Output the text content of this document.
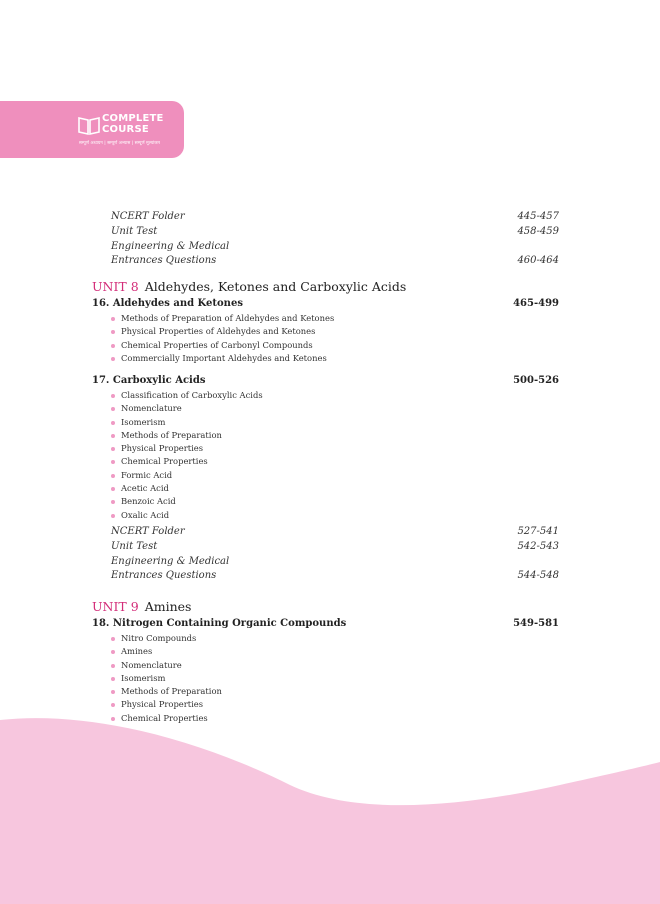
COMPLETE
COURSE
सम्पूर्ण अध्ययन | सम्पूर्ण अभ्यास | सम्पूर्ण मूल्यांकन
NCERT Folder	445-457
Unit Test	458-459
Engineering & Medical
Entrances Questions	460-464
UNIT 8 Aldehydes, Ketones and Carboxylic Acids
16. Aldehydes and Ketones	465-499
Methods of Preparation of Aldehydes and Ketones
Physical Properties of Aldehydes and Ketones
Chemical Properties of Carbonyl Compounds
Commercially Important Aldehydes and Ketones
17. Carboxylic Acids	500-526
Classification of Carboxylic Acids
Nomenclature
Isomerism
Methods of Preparation
Physical Properties
Chemical Properties
Formic Acid
Acetic Acid
Benzoic Acid
Oxalic Acid
NCERT Folder	527-541
Unit Test	542-543
Engineering & Medical
Entrances Questions	544-548
UNIT 9 Amines
18. Nitrogen Containing Organic Compounds	549-581
Nitro Compounds
Amines
Nomenclature
Isomerism
Methods of Preparation
Physical Properties
Chemical Properties
